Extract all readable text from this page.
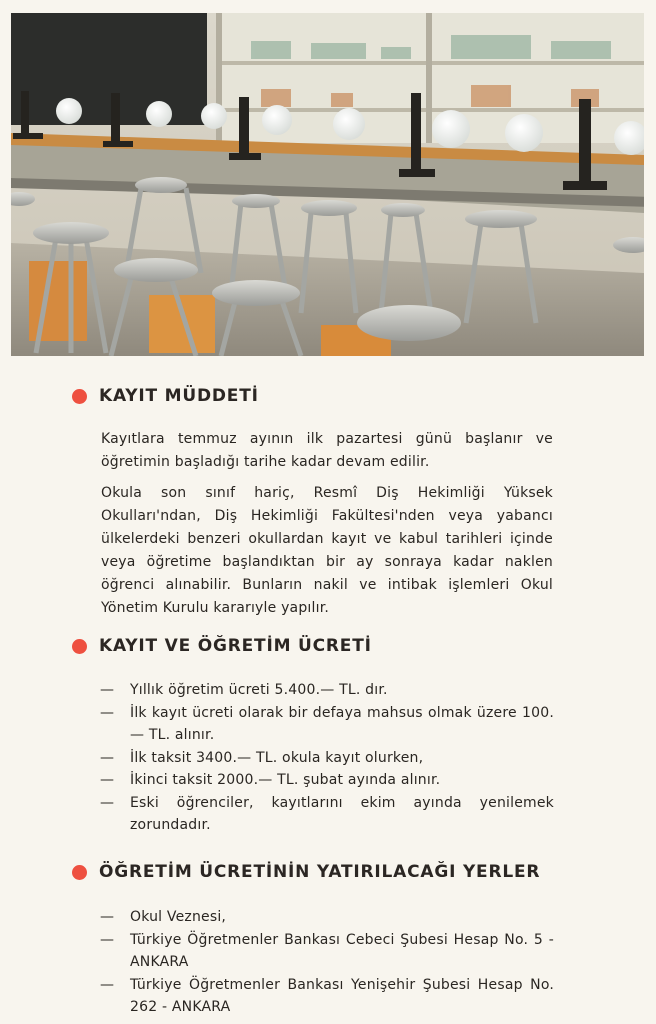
KAYIT MÜDDETİ

Kayıtlara temmuz ayının ilk pazartesi günü başlanır ve öğretimin başladığı tarihe kadar devam edilir.

Okula son sınıf hariç, Resmî Diş Hekimliği Yüksek Okulları'ndan, Diş Hekimliği Fakültesi'nden veya yabancı ülkelerdeki benzeri okullardan kayıt ve kabul tarihleri içinde veya öğretime başlandıktan bir ay sonraya kadar naklen öğrenci alınabilir. Bunların nakil ve intibak işlemleri Okul Yönetim Kurulu kararıyle yapılır.

KAYIT VE ÖĞRETİM ÜCRETİ
— Yıllık öğretim ücreti 5.400.— TL. dır.
— İlk kayıt ücreti olarak bir defaya mahsus olmak üzere 100.— TL. alınır.
— İlk taksit 3400.— TL. okula kayıt olurken,
— İkinci taksit 2000.— TL. şubat ayında alınır.
— Eski öğrenciler, kayıtlarını ekim ayında yenilemek zorundadır.
ÖĞRETİM ÜCRETİNİN YATIRILACAĞI YERLER
— Okul Veznesi,
— Türkiye Öğretmenler Bankası Cebeci Şubesi Hesap No. 5 - ANKARA
— Türkiye Öğretmenler Bankası Yenişehir Şubesi Hesap No. 262 - ANKARA
